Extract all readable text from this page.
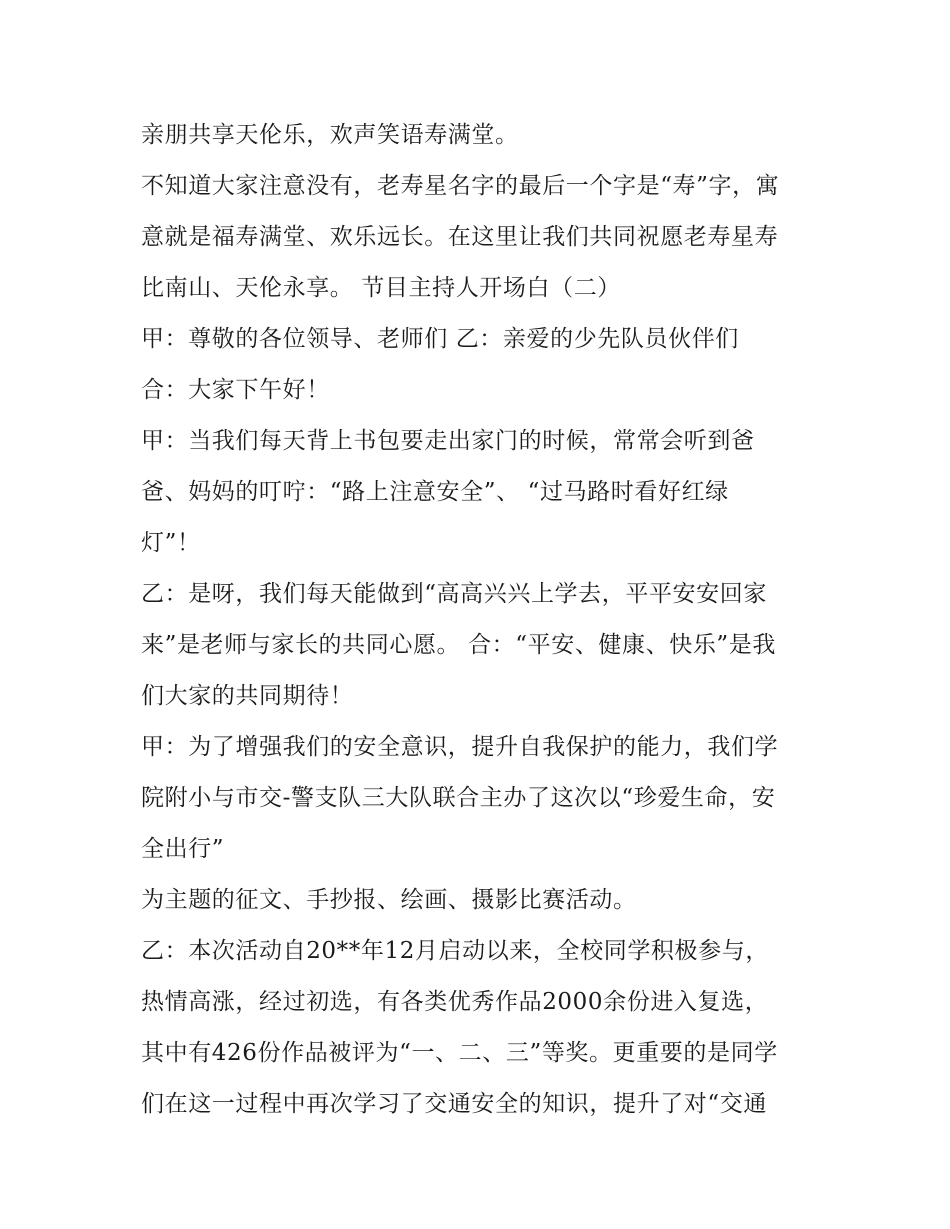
亲朋共享天伦乐，欢声笑语寿满堂。
不知道大家注意没有，老寿星名字的最后一个字是“寿”字，寓
意就是福寿满堂、欢乐远长。在这里让我们共同祝愿老寿星寿
比南山、天伦永享。 节目主持人开场白（二）
甲：尊敬的各位领导、老师们 乙：亲爱的少先队员伙伴们
合：大家下午好！
甲：当我们每天背上书包要走出家门的时候，常常会听到爸
爸、妈妈的叮咛：“路上注意安全”、 “过马路时看好红绿
灯”！
乙：是呀，我们每天能做到“高高兴兴上学去，平平安安回家
来”是老师与家长的共同心愿。 合：“平安、健康、快乐”是我
们大家的共同期待！
甲：为了增强我们的安全意识，提升自我保护的能力，我们学
院附小与市交-警支队三大队联合主办了这次以“珍爱生命，安
全出行”
为主题的征文、手抄报、绘画、摄影比赛活动。
乙：本次活动自20**年12月启动以来，全校同学积极参与，
热情高涨，经过初选，有各类优秀作品2000余份进入复选，
其中有426份作品被评为“一、二、三”等奖。更重要的是同学
们在这一过程中再次学习了交通安全的知识，提升了对“交通
